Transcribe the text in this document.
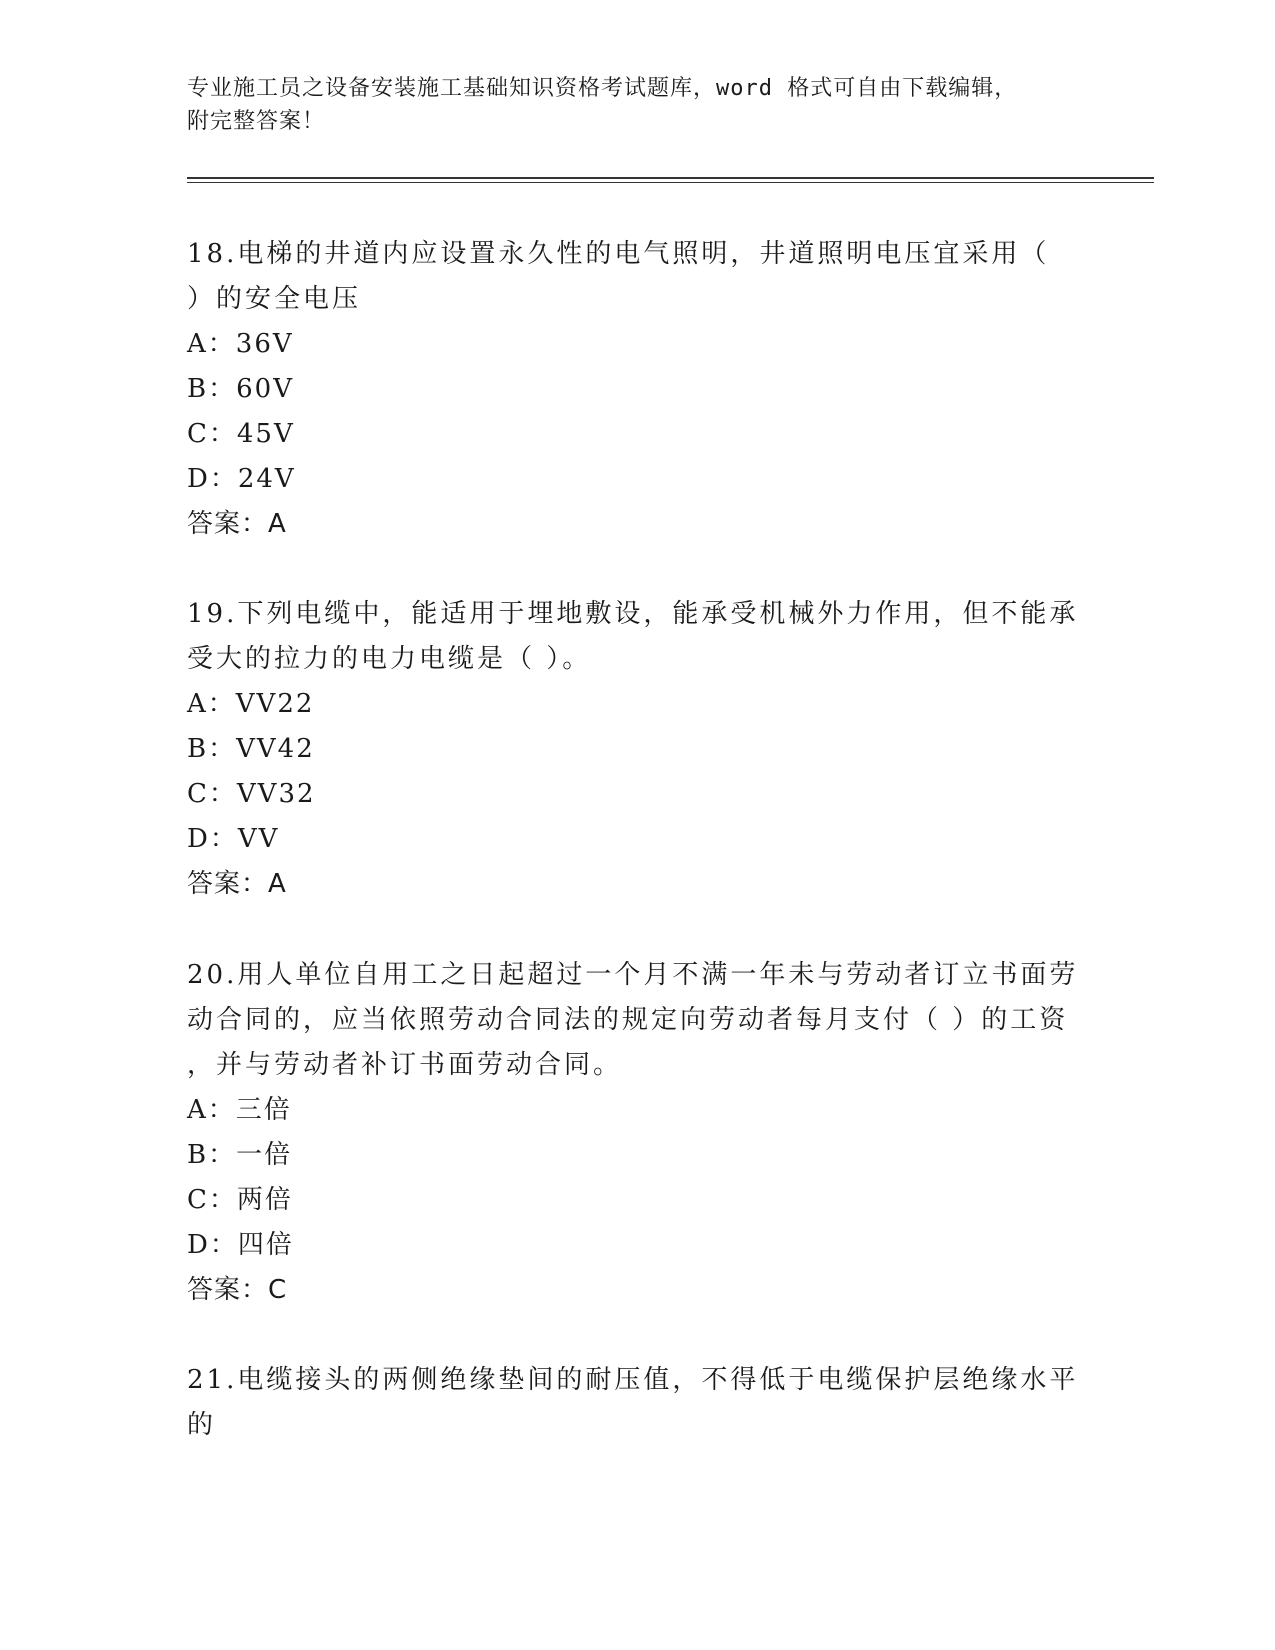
专业施工员之设备安装施工基础知识资格考试题库，word 格式可自由下载编辑，
附完整答案！

18.电梯的井道内应设置永久性的电气照明，井道照明电压宜采用（

）的安全电压

A：36V

B：60V

C：45V

D：24V

答案：A

19.下列电缆中，能适用于埋地敷设，能承受机械外力作用，但不能承

受大的拉力的电力电缆是（ ）。

A：VV22

B：VV42

C：VV32

D：VV

答案：A

20.用人单位自用工之日起超过一个月不满一年未与劳动者订立书面劳

动合同的，应当依照劳动合同法的规定向劳动者每月支付（ ）的工资

，并与劳动者补订书面劳动合同。

A：三倍

B：一倍

C：两倍

D：四倍

答案：C

21.电缆接头的两侧绝缘垫间的耐压值，不得低于电缆保护层绝缘水平

的
